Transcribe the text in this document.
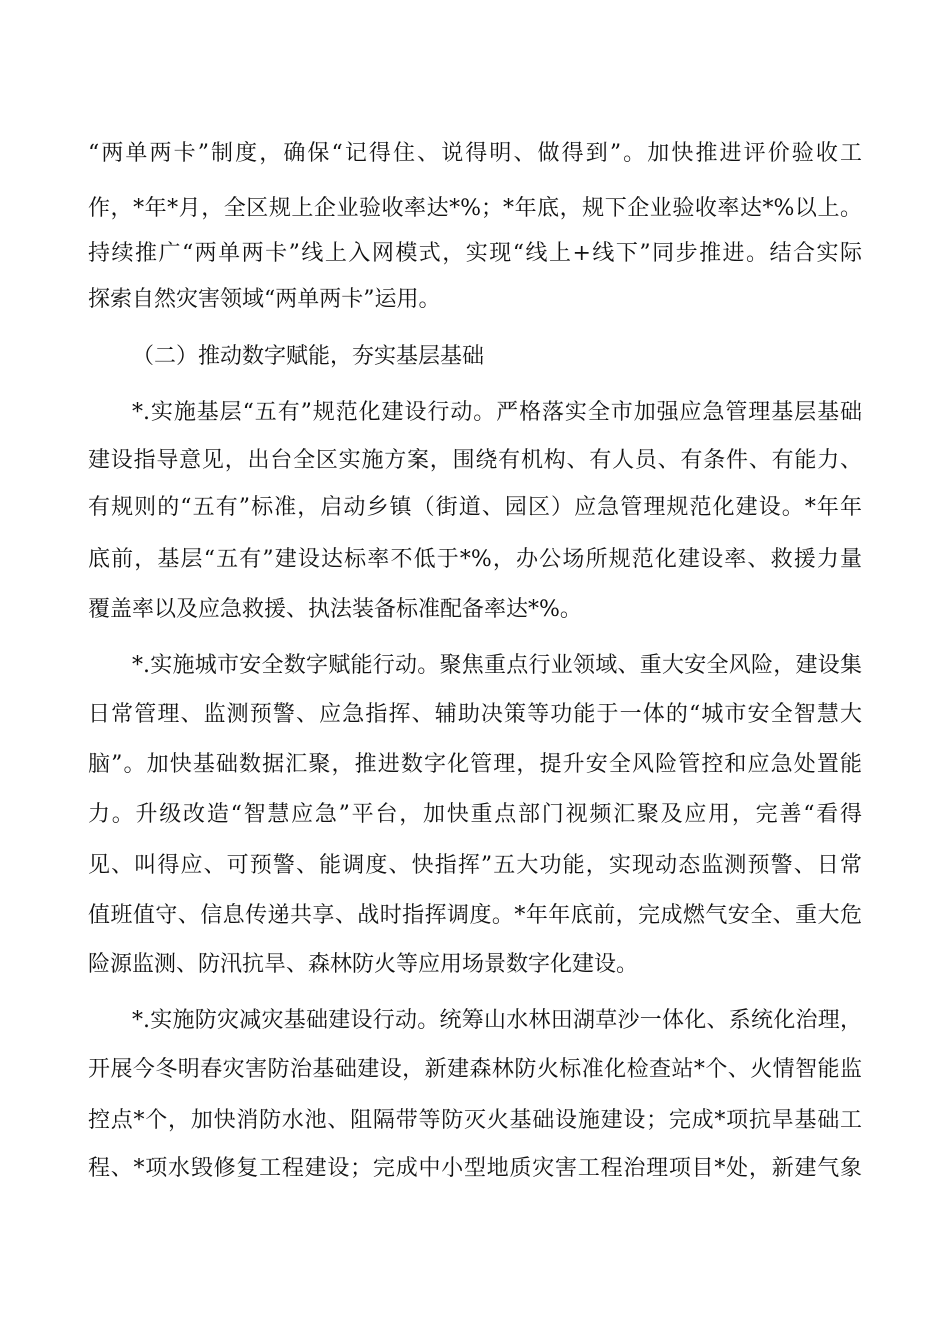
“两单两卡”制度，确保“记得住、说得明、做得到”。加快推进评价验收工
作，*年*月，全区规上企业验收率达*%；*年底，规下企业验收率达*%以上。
持续推广“两单两卡”线上入网模式，实现“线上+线下”同步推进。结合实际
探索自然灾害领域“两单两卡”运用。
（二）推动数字赋能，夯实基层基础
*.实施基层“五有”规范化建设行动。严格落实全市加强应急管理基层基础
建设指导意见，出台全区实施方案，围绕有机构、有人员、有条件、有能力、
有规则的“五有”标准，启动乡镇（街道、园区）应急管理规范化建设。*年年
底前，基层“五有”建设达标率不低于*%，办公场所规范化建设率、救援力量
覆盖率以及应急救援、执法装备标准配备率达*%。
*.实施城市安全数字赋能行动。聚焦重点行业领域、重大安全风险，建设集
日常管理、监测预警、应急指挥、辅助决策等功能于一体的“城市安全智慧大
脑”。加快基础数据汇聚，推进数字化管理，提升安全风险管控和应急处置能
力。升级改造“智慧应急”平台，加快重点部门视频汇聚及应用，完善“看得
见、叫得应、可预警、能调度、快指挥”五大功能，实现动态监测预警、日常
值班值守、信息传递共享、战时指挥调度。*年年底前，完成燃气安全、重大危
险源监测、防汛抗旱、森林防火等应用场景数字化建设。
*.实施防灾减灾基础建设行动。统筹山水林田湖草沙一体化、系统化治理，
开展今冬明春灾害防治基础建设，新建森林防火标准化检查站*个、火情智能监
控点*个，加快消防水池、阻隔带等防灭火基础设施建设；完成*项抗旱基础工
程、*项水毁修复工程建设；完成中小型地质灾害工程治理项目*处，新建气象
